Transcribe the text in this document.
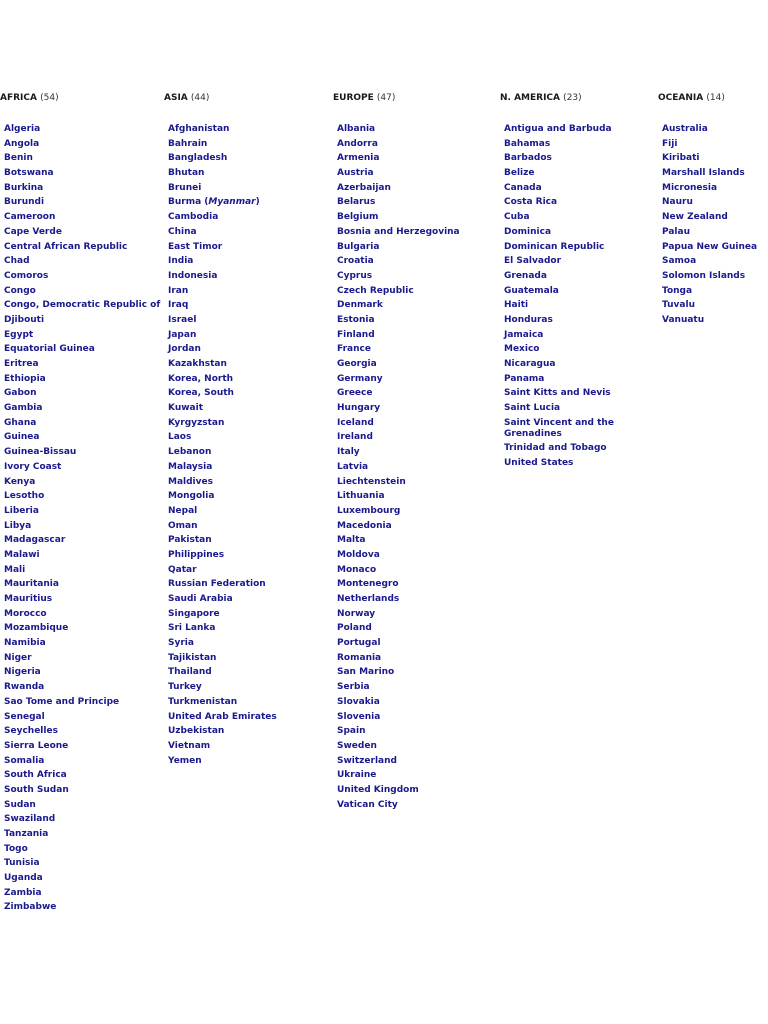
AFRICA (54)
Algeria
Angola
Benin
Botswana
Burkina
Burundi
Cameroon
Cape Verde
Central African Republic
Chad
Comoros
Congo
Congo, Democratic Republic of
Djibouti
Egypt
Equatorial Guinea
Eritrea
Ethiopia
Gabon
Gambia
Ghana
Guinea
Guinea-Bissau
Ivory Coast
Kenya
Lesotho
Liberia
Libya
Madagascar
Malawi
Mali
Mauritania
Mauritius
Morocco
Mozambique
Namibia
Niger
Nigeria
Rwanda
Sao Tome and Principe
Senegal
Seychelles
Sierra Leone
Somalia
South Africa
South Sudan
Sudan
Swaziland
Tanzania
Togo
Tunisia
Uganda
Zambia
Zimbabwe
ASIA (44)
Afghanistan
Bahrain
Bangladesh
Bhutan
Brunei
Burma (Myanmar)
Cambodia
China
East Timor
India
Indonesia
Iran
Iraq
Israel
Japan
Jordan
Kazakhstan
Korea, North
Korea, South
Kuwait
Kyrgyzstan
Laos
Lebanon
Malaysia
Maldives
Mongolia
Nepal
Oman
Pakistan
Philippines
Qatar
Russian Federation
Saudi Arabia
Singapore
Sri Lanka
Syria
Tajikistan
Thailand
Turkey
Turkmenistan
United Arab Emirates
Uzbekistan
Vietnam
Yemen
EUROPE (47)
Albania
Andorra
Armenia
Austria
Azerbaijan
Belarus
Belgium
Bosnia and Herzegovina
Bulgaria
Croatia
Cyprus
Czech Republic
Denmark
Estonia
Finland
France
Georgia
Germany
Greece
Hungary
Iceland
Ireland
Italy
Latvia
Liechtenstein
Lithuania
Luxembourg
Macedonia
Malta
Moldova
Monaco
Montenegro
Netherlands
Norway
Poland
Portugal
Romania
San Marino
Serbia
Slovakia
Slovenia
Spain
Sweden
Switzerland
Ukraine
United Kingdom
Vatican City
N. AMERICA (23)
Antigua and Barbuda
Bahamas
Barbados
Belize
Canada
Costa Rica
Cuba
Dominica
Dominican Republic
El Salvador
Grenada
Guatemala
Haiti
Honduras
Jamaica
Mexico
Nicaragua
Panama
Saint Kitts and Nevis
Saint Lucia
Saint Vincent and the Grenadines
Trinidad and Tobago
United States
OCEANIA (14)
Australia
Fiji
Kiribati
Marshall Islands
Micronesia
Nauru
New Zealand
Palau
Papua New Guinea
Samoa
Solomon Islands
Tonga
Tuvalu
Vanuatu
